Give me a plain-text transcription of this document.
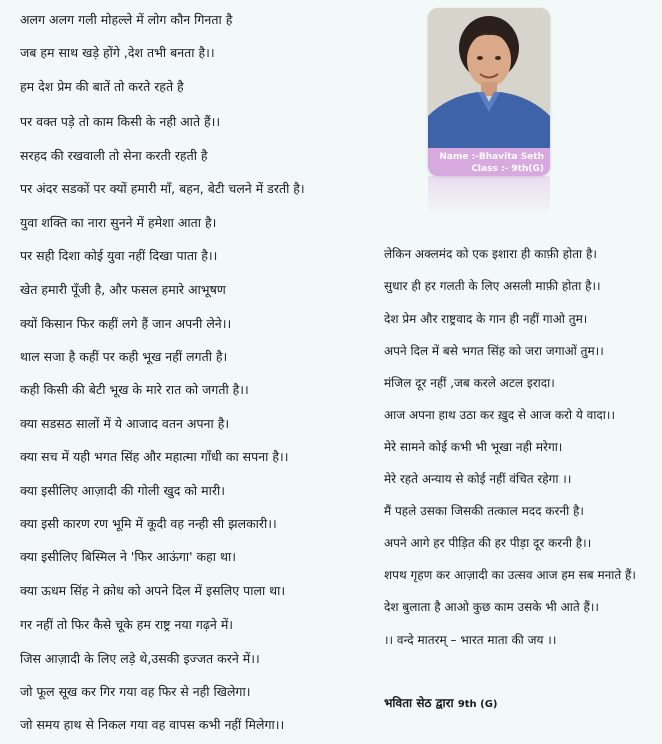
अलग अलग गली मोहल्ले में लोग कौन गिनता है
जब हम साथ खड़े होंगे ,देश तभी बनता है।।
हम देश प्रेम की बातें तो करते रहते है
पर वक्त पड़े तो काम किसी के नही आते हैं।।
सरहद की रखवाली तो सेना करती रहती है
पर अंदर सडकों पर क्यों हमारी माँ, बहन, बेटी चलने में डरती है।
युवा शक्ति का नारा सुनने में हमेशा आता है।
पर सही दिशा कोई युवा नहीं दिखा पाता है।।
खेत हमारी पूँजी है, और फसल हमारे आभूषण
क्यों किसान फिर कहीं लगे हैं जान अपनी लेने।।
थाल सजा है कहीं पर कही भूख नहीं लगती है।
कही किसी की बेटी भूख के मारे रात को जगती है।।
क्या सडसठ सालों में ये आजाद वतन अपना है।
क्या सच में यही भगत सिंह और महात्मा गाँधी का सपना है।।
क्या इसीलिए आज़ादी की गोली खुद को मारी।
क्या इसी कारण रण भूमि में कूदी वह नन्ही सी झलकारी।।
क्या इसीलिए बिस्मिल ने 'फिर आऊंगा' कहा था।
क्या ऊधम सिंह ने क्रोध को अपने दिल में इसलिए पाला था।
गर नहीं तो फिर कैसे चूके हम राष्ट्र नया गढ़ने में।
जिस आज़ादी के लिए लड़े थे,उसकी इज्जत करने में।।
जो फूल सूख कर गिर गया वह फिर से नही खिलेगा।
जो समय हाथ से निकल गया वह वापस कभी नहीं मिलेगा।।
Name :-Bhavita Seth
Class :- 9th(G)
लेकिन अक्लमंद को एक इशारा ही काफ़ी होता है।
सुधार ही हर गलती के लिए असली माफ़ी होता है।।
देश प्रेम और राष्ट्रवाद के गान ही नहीं गाओ तुम।
अपने दिल में बसे भगत सिंह को जरा जगाओं तुम।।
मंजिल दूर नहीं ,जब करले अटल इरादा।
आज अपना हाथ उठा कर ख़ुद से आज करो ये वादा।।
मेरे सामने कोई कभी भी भूखा नही मरेगा।
मेरे रहते अन्याय से कोई नहीं वंचित रहेगा ।।
मैं पहले उसका जिसकी तत्काल मदद करनी है।
अपने आगे हर पीड़ित की हर पीड़ा दूर करनी है।।
शपथ गृहण कर आज़ादी का उत्सव आज हम सब मनाते हैं।
देश बुलाता है आओ कुछ काम उसके भी आते हैं।।
।। वन्दे मातरम् – भारत माता की जय ।।
भविता सेठ द्वारा 9th (G)
